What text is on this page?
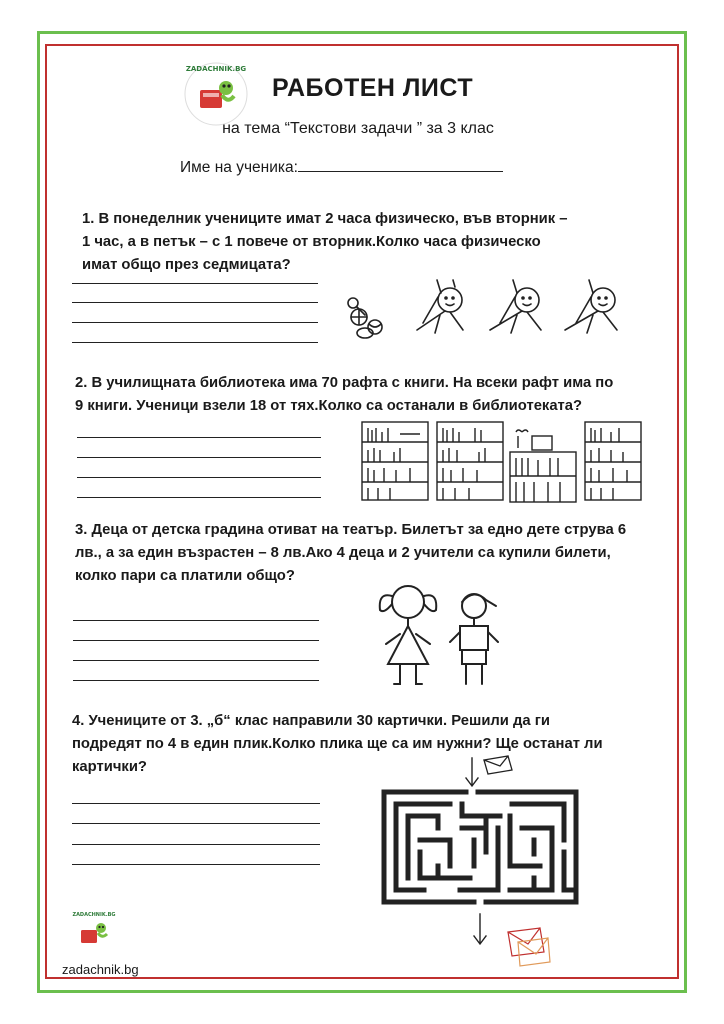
ZADACHNIK.BG
РАБОТЕН ЛИСТ
на тема “Текстови задачи ” за 3 клас
Име на ученика:
1. В понеделник учениците имат 2 часа физическо, във вторник – 1 час, а в петък – с 1 повече от вторник.Колко часа физическо имат общо през седмицата?
2. В училищната библиотека има 70 рафта с книги. На всеки рафт има по 9 книги. Ученици взели 18 от тях.Колко са останали в библиотеката?
3. Деца от детска градина отиват на театър. Билетът за едно дете струва 6 лв., а за един възрастен – 8 лв.Ако 4 деца и 2 учители са купили билети, колко пари са платили общо?
4. Учениците от 3. „б“ клас направили 30 картички. Решили да ги подредят по 4 в един плик.Колко плика ще са им нужни? Ще останат ли картички?
ZADACHNIK.BG
zadachnik.bg
